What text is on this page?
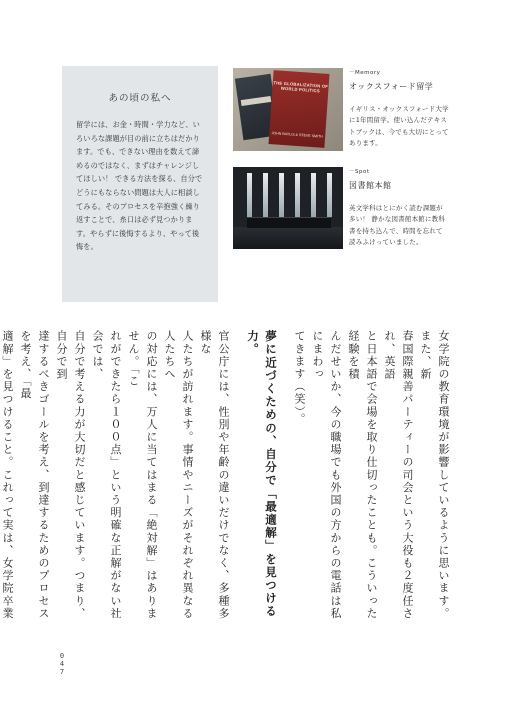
あの頃の私へ
留学には、お金・時間・学力など、いろいろな課題が目の前に立ちはだかります。でも、できない理由を数えて諦めるのではなく、まずはチャレンジしてほしい！ できる方法を探る、自分でどうにもならない問題は大人に相談してみる。そのプロセスを辛抱強く繰り返すことで、糸口は必ず見つかります。やらずに後悔するより、やって後悔を。
THE GLOBALIZATION OF WORLD POLITICS
JOHN BAYLIS & STEVE SMITH
－Memory
オックスフォード留学
イギリス・オックスフォード大学に1年間留学。使い込んだテキストブックは、今でも大切にとってあります。
－Spot
図書館本館
英文学科はとにかく読む課題が多い！ 静かな図書館本館に教科書を持ち込んで、時間を忘れて読みふけっていました。

女学院の教育環境が影響しているように思います。また、新

春国際親善パーティーの司会という大役も２度任され、英語

と日本語で会場を取り仕切ったことも。こういった経験を積

んだせいか、今の職場でも外国の方からの電話は私にまわっ

てきます（笑）。

夢に近づくための、自分で「最適解」を見つける力。

官公庁には、性別や年齢の違いだけでなく、多種多様な

人たちが訪れます。事情やニーズがそれぞれ異なる人たちへ

の対応には、万人に当てはまる「絶対解」はありません。「こ

れができたら１００点」という明確な正解がない社会では、

自分で考える力が大切だと感じています。つまり、自分で到

達するべきゴールを考え、到達するためのプロセスを考え、「最

適解」を見つけること。これって実は、女学院卒業

0
4
7
